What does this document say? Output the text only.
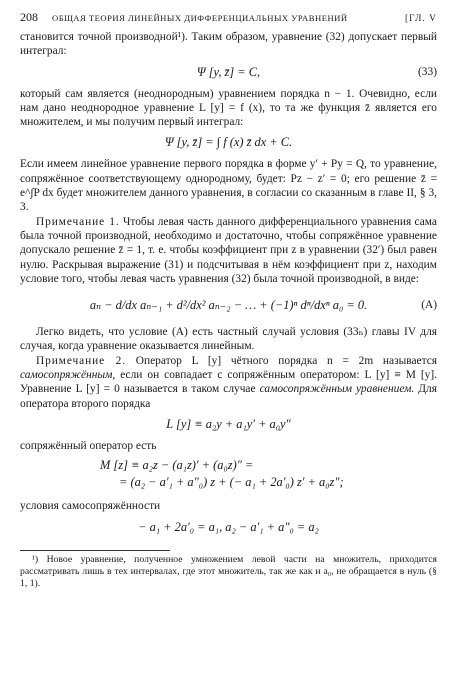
208 ОБЩАЯ ТЕОРИЯ ЛИНЕЙНЫХ ДИФФЕРЕНЦИАЛЬНЫХ УРАВНЕНИЙ	[ГЛ. V

становится точной производной¹). Таким образом, уравнение (32) допускает первый интеграл:

Ψ [y, z̄] = C,	(33)

который сам является (неоднородным) уравнением порядка n − 1. Очевидно, если нам дано неоднородное уравнение L [y] = f (x), то та же функция z̄ является его множителем, и мы получим первый интеграл:

Ψ [y, z̄] = ∫ f (x) z̄ dx + C.

Если имеем линейное уравнение первого порядка в форме y′ + Py = Q, то уравнение, сопряжённое соответствующему однородному, будет: Pz − z′ = 0; его решение z̄ = e^∫P dx будет множителем данного уравнения, в согласии со сказанным в главе II, § 3, 3.

Примечание 1. Чтобы левая часть данного дифференциального уравнения сама была точной производной, необходимо и достаточно, чтобы сопряжённое уравнение допускало решение z̄ = 1, т. е. чтобы коэффициент при z в уравнении (32′) был равен нулю. Раскрывая выражение (31) и подсчитывая в нём коэффициент при z, находим условие того, чтобы левая часть уравнения (32) была точной производной, в виде:

aₙ − d/dx aₙ₋₁ + d²/dx² aₙ₋₂ − … + (−1)ⁿ dⁿ/dxⁿ a₀ = 0.	(A)

Легко видеть, что условие (A) есть частный случай условия (33ₙ) главы IV для случая, когда уравнение оказывается линейным.

Примечание 2. Оператор L [y] чётного порядка n = 2m называется самосопряжённым, если он совпадает с сопряжённым оператором: L [y] ≡ M [y]. Уравнение L [y] = 0 называется в таком случае самосопряжённым уравнением. Для оператора второго порядка

L [y] ≡ a₂y + a₁y′ + a₀y″

сопряжённый оператор есть

M [z] ≡ a₂z − (a₁z)′ + (a₀z)″ =
= (a₂ − a′₁ + a″₀) z + (− a₁ + 2a′₀) z′ + a₀z″;

условия самосопряжённости

− a₁ + 2a′₀ = a₁, a₂ − a′₁ + a″₀ = a₂

¹) Новое уравнение, полученное умножением левой части на множитель, приходится рассматривать лишь в тех интервалах, где этот множитель, так же как и a₀, не обращается в нуль (§ 1, 1).
